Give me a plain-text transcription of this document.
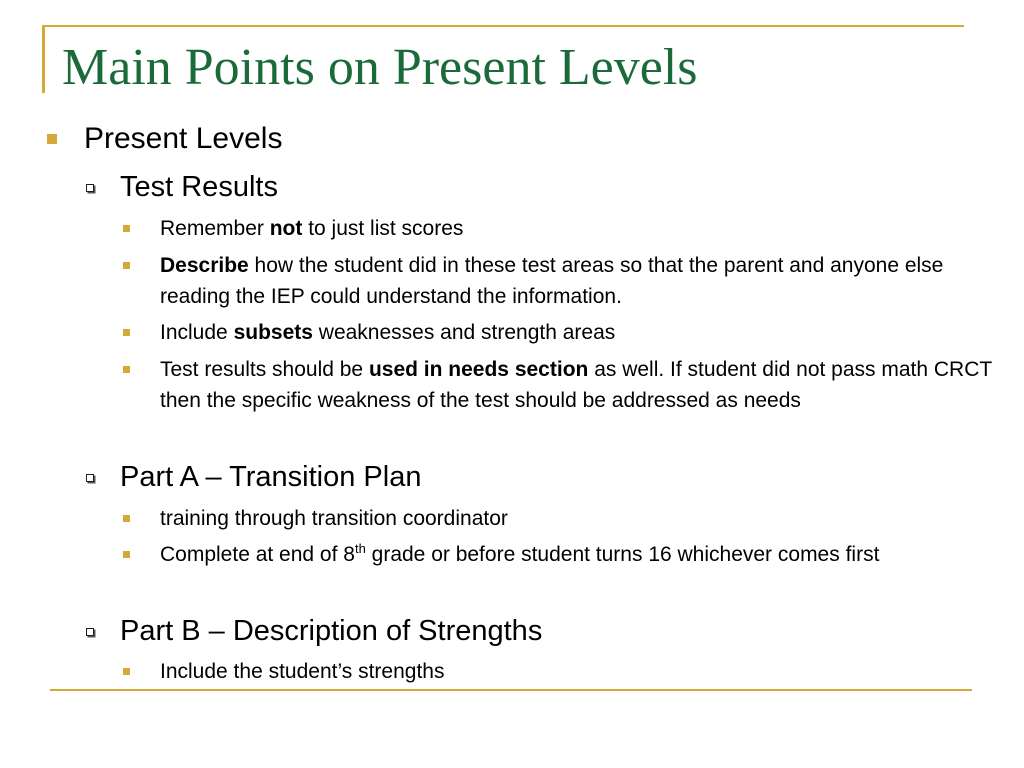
Main Points on Present Levels
Present Levels
Test Results
Remember not to just list scores
Describe how the student did in these test areas so that the parent and anyone else reading the IEP could understand the information.
Include subsets weaknesses and strength areas
Test results should be used in needs section as well. If student did not pass math CRCT then the specific weakness of the test should be addressed as needs
Part A – Transition Plan
training through transition coordinator
Complete at end of 8th grade or before student turns 16 whichever comes first
Part B – Description of Strengths
Include the student’s strengths
